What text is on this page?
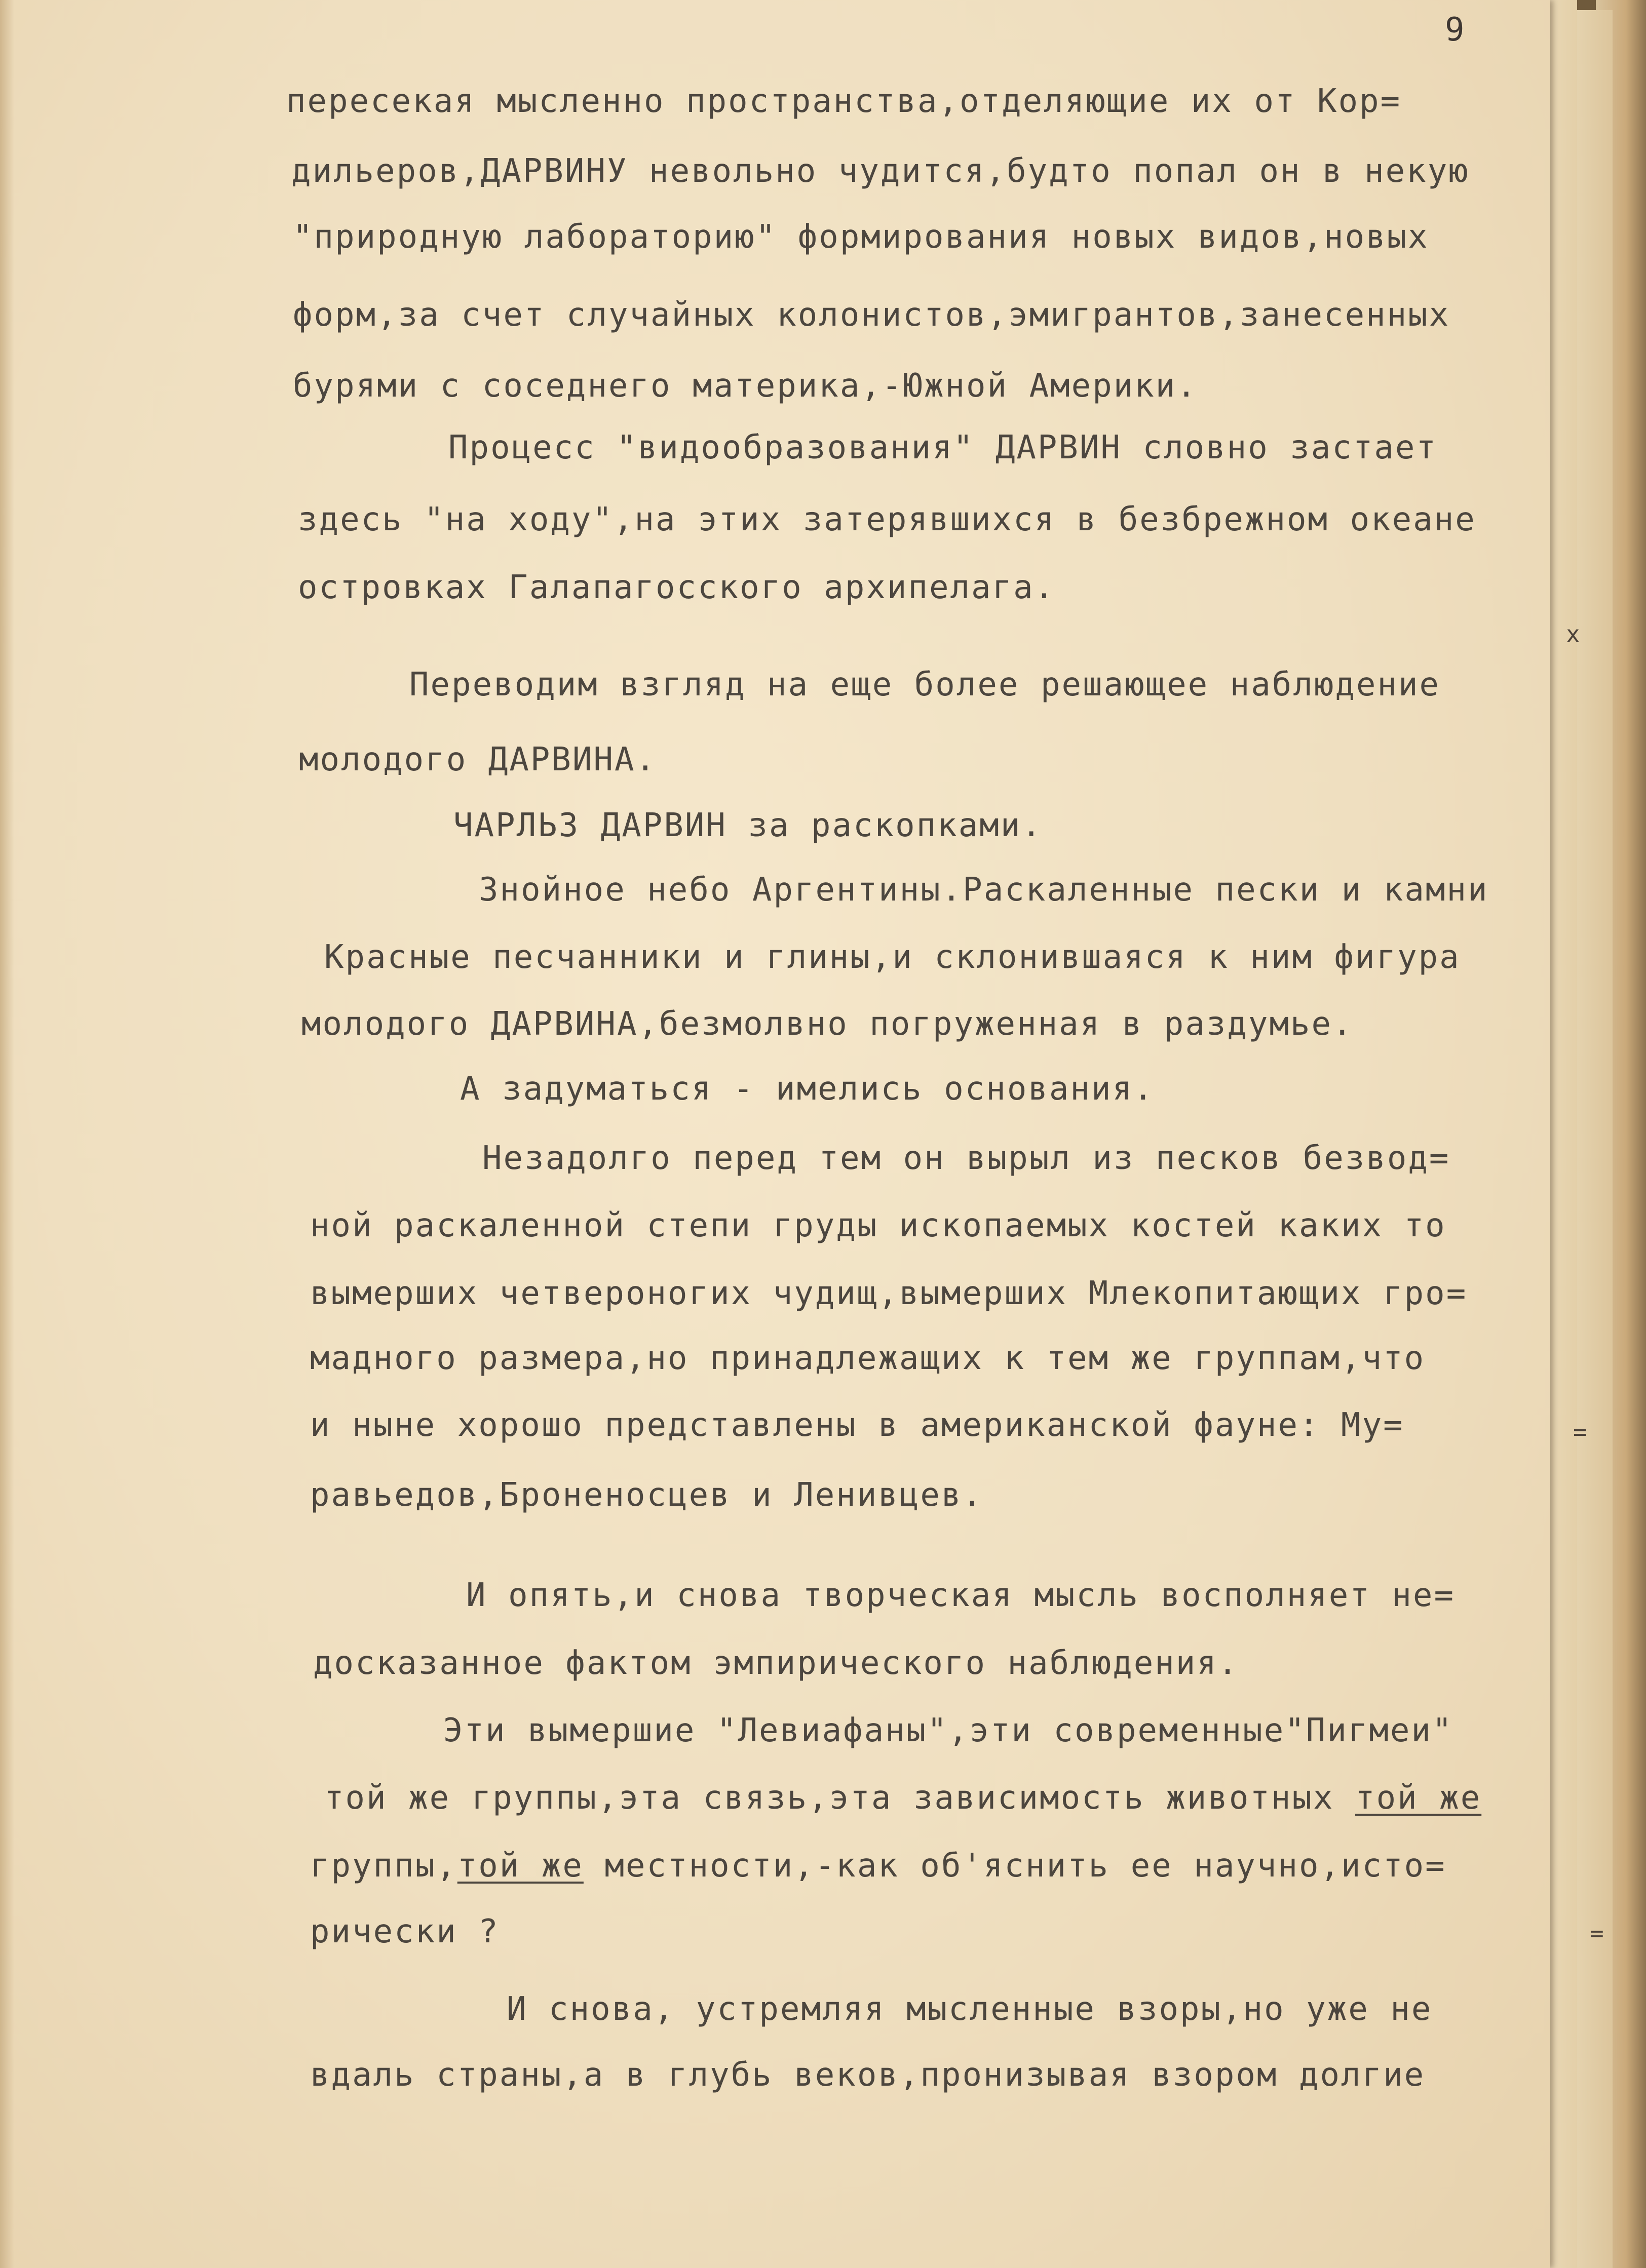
x
=
=

9

пересекая мысленно пространства,отделяющие их от Кор=

дильеров,ДАРВИНУ невольно чудится,будто попал он в некую

"природную лабораторию" формирования новых видов,новых

форм,за счет случайных колонистов,эмигрантов,занесенных

бурями с соседнего материка,-Южной Америки.

Процесс "видообразования" ДАРВИН словно застает

здесь "на ходу",на этих затерявшихся в безбрежном океане

островках Галапагосского архипелага.

Переводим взгляд на еще более решающее наблюдение

молодого ДАРВИНА.

ЧАРЛЬЗ ДАРВИН за раскопками.

Знойное небо Аргентины.Раскаленные пески и камни

Красные песчанники и глины,и склонившаяся к ним фигура

молодого ДАРВИНА,безмолвно погруженная в раздумье.

А задуматься - имелись основания.

Незадолго перед тем он вырыл из песков безвод=

ной раскаленной степи груды ископаемых костей каких то

вымерших четвероногих чудищ,вымерших Млекопитающих гро=

мадного размера,но принадлежащих к тем же группам,что

и ныне хорошо представлены в американской фауне: Му=

равьедов,Броненосцев и Ленивцев.

И опять,и снова творческая мысль восполняет не=

досказанное фактом эмпирического наблюдения.

Эти вымершие "Левиафаны",эти современные"Пигмеи"

той же группы,эта связь,эта зависимость животных той же

группы,той же местности,-как об'яснить ее научно,исто=

рически ?

И снова, устремляя мысленные взоры,но уже не

вдаль страны,а в глубь веков,пронизывая взором долгие
